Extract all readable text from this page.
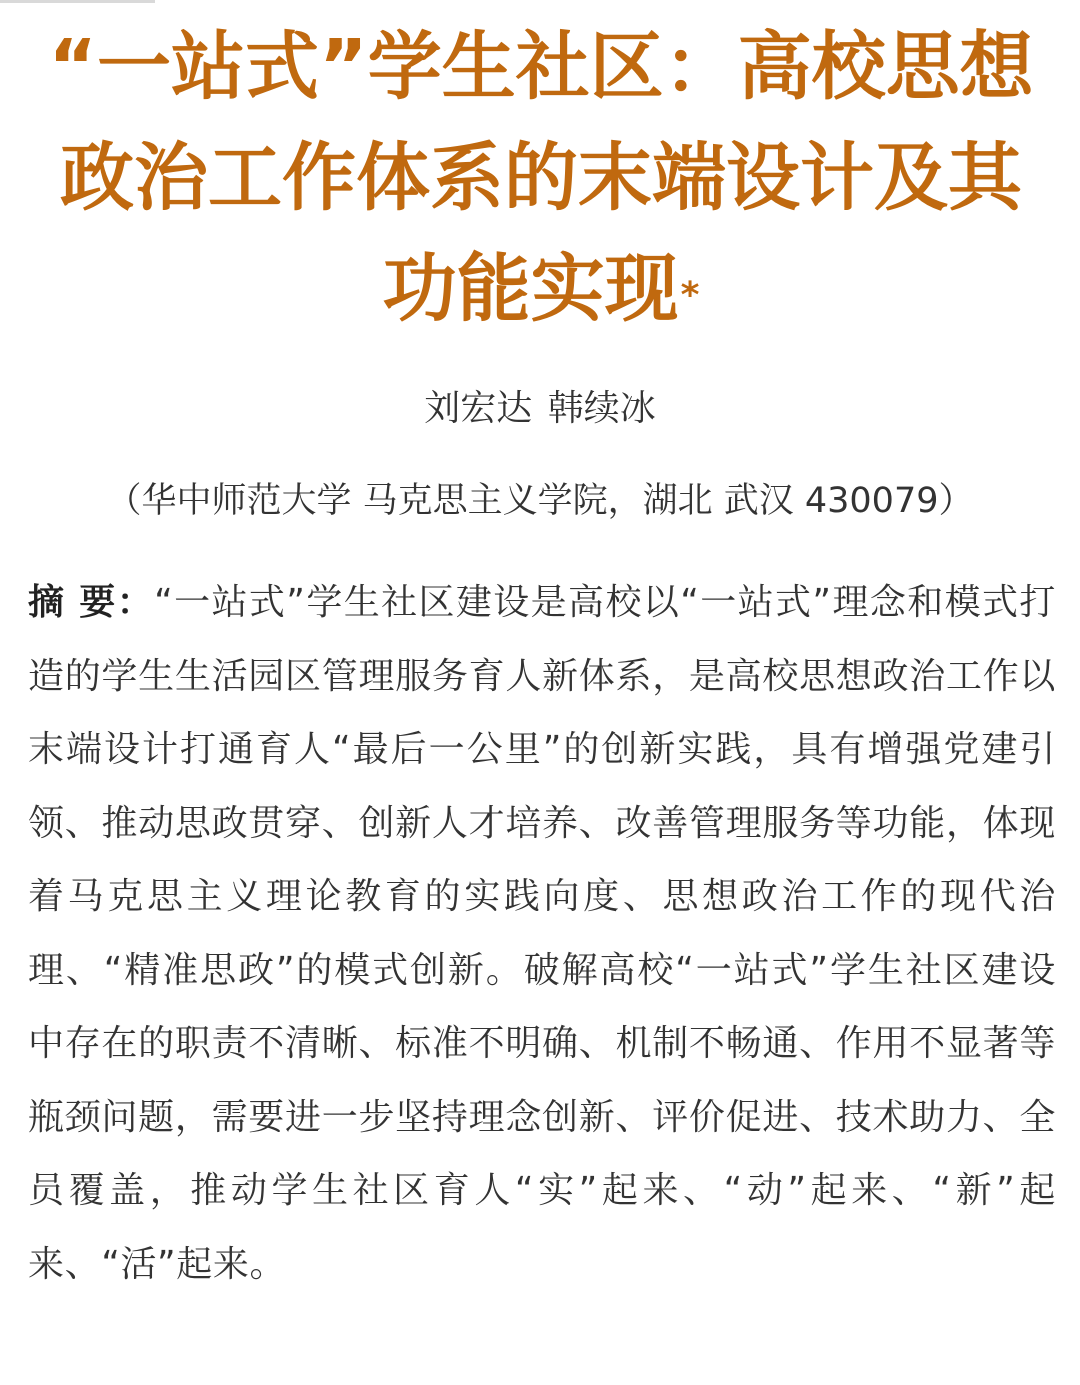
“一站式”学生社区：高校思想政治工作体系的末端设计及其功能实现*
刘宏达 韩续冰
（华中师范大学 马克思主义学院，湖北 武汉 430079）

摘 要：“一站式”学生社区建设是高校以“一站式”理念和模式打造的学生生活园区管理服务育人新体系，是高校思想政治工作以末端设计打通育人“最后一公里”的创新实践，具有增强党建引领、推动思政贯穿、创新人才培养、改善管理服务等功能，体现着马克思主义理论教育的实践向度、思想政治工作的现代治理、“精准思政”的模式创新。破解高校“一站式”学生社区建设中存在的职责不清晰、标准不明确、机制不畅通、作用不显著等瓶颈问题，需要进一步坚持理念创新、评价促进、技术助力、全员覆盖，推动学生社区育人“实”起来、“动”起来、“新”起来、“活”起来。
